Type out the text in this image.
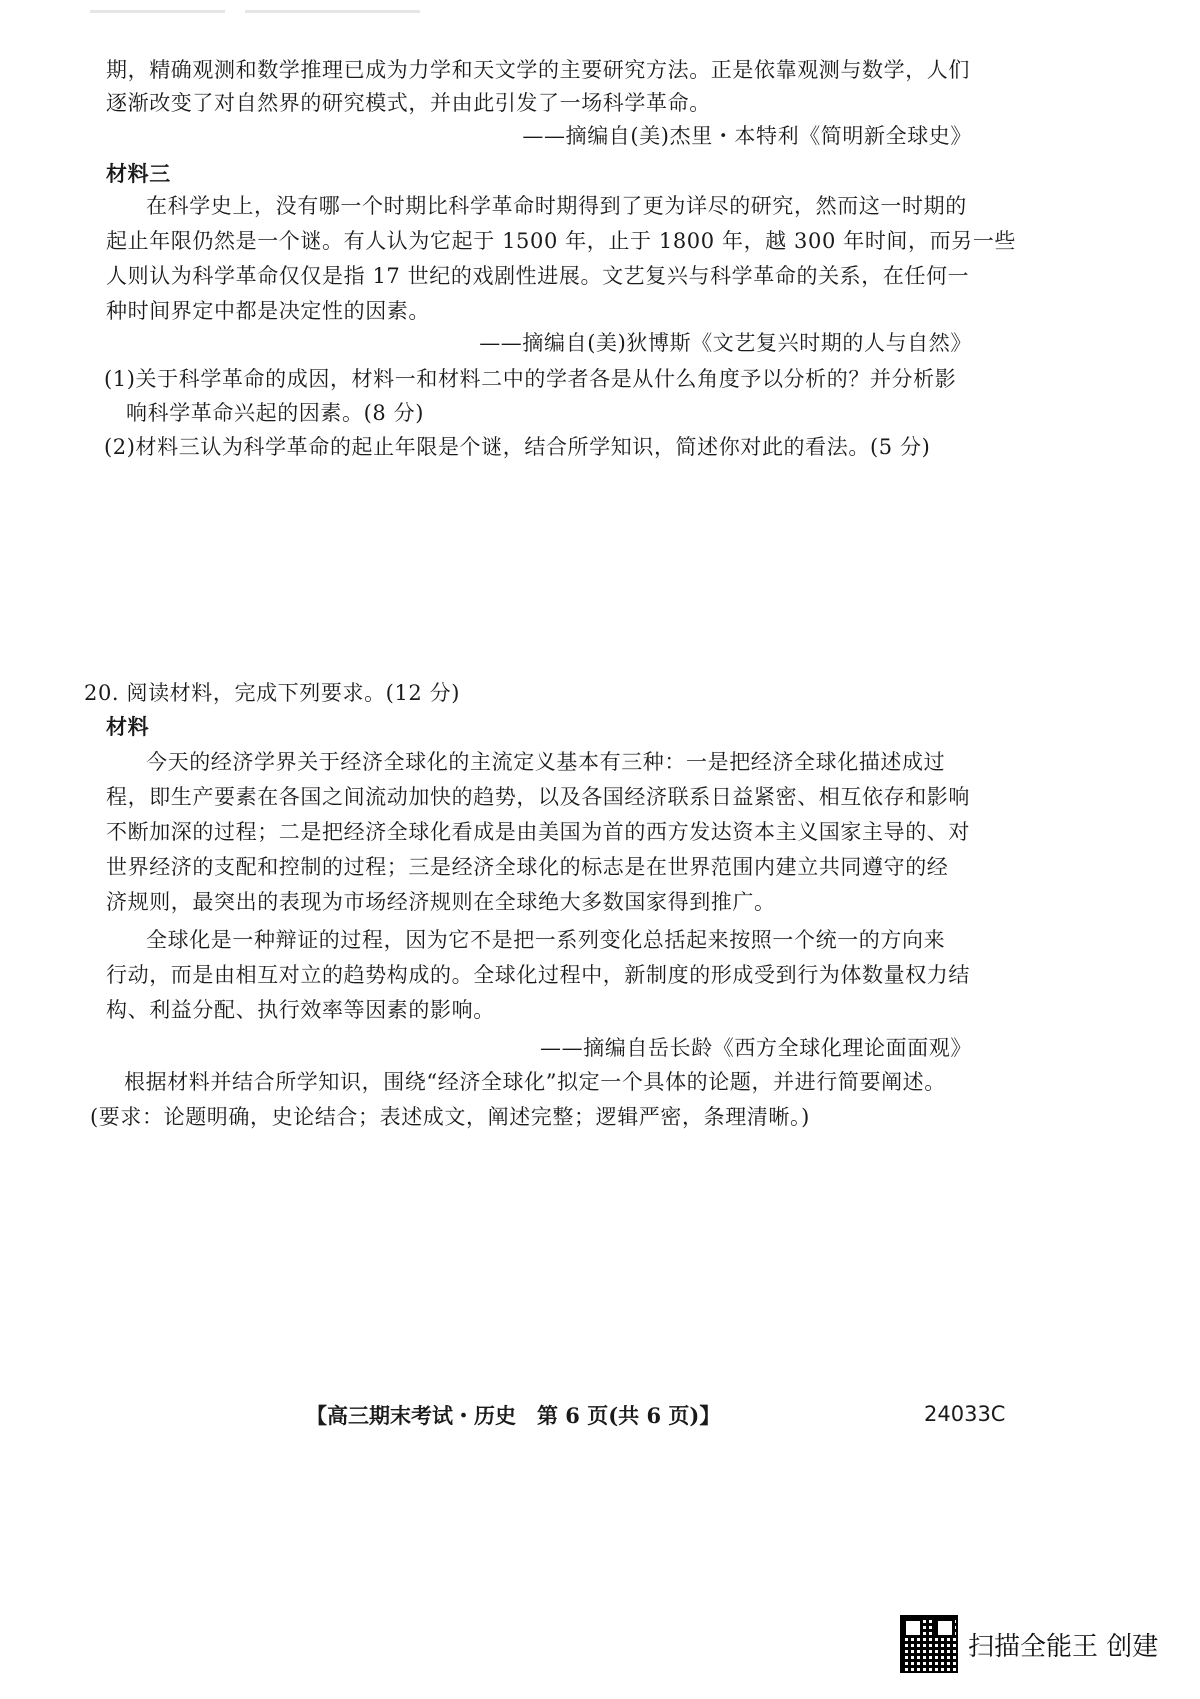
期，精确观测和数学推理已成为力学和天文学的主要研究方法。正是依靠观测与数学，人们
逐渐改变了对自然界的研究模式，并由此引发了一场科学革命。
——摘编自(美)杰里・本特利《简明新全球史》
材料三
在科学史上，没有哪一个时期比科学革命时期得到了更为详尽的研究，然而这一时期的
起止年限仍然是一个谜。有人认为它起于 1500 年，止于 1800 年，越 300 年时间，而另一些
人则认为科学革命仅仅是指 17 世纪的戏剧性进展。文艺复兴与科学革命的关系，在任何一
种时间界定中都是决定性的因素。
——摘编自(美)狄博斯《文艺复兴时期的人与自然》
(1)关于科学革命的成因，材料一和材料二中的学者各是从什么角度予以分析的？并分析影
响科学革命兴起的因素。(8 分)
(2)材料三认为科学革命的起止年限是个谜，结合所学知识，简述你对此的看法。(5 分)
20. 阅读材料，完成下列要求。(12 分)
材料
今天的经济学界关于经济全球化的主流定义基本有三种：一是把经济全球化描述成过
程，即生产要素在各国之间流动加快的趋势，以及各国经济联系日益紧密、相互依存和影响
不断加深的过程；二是把经济全球化看成是由美国为首的西方发达资本主义国家主导的、对
世界经济的支配和控制的过程；三是经济全球化的标志是在世界范围内建立共同遵守的经
济规则，最突出的表现为市场经济规则在全球绝大多数国家得到推广。
全球化是一种辩证的过程，因为它不是把一系列变化总括起来按照一个统一的方向来
行动，而是由相互对立的趋势构成的。全球化过程中，新制度的形成受到行为体数量权力结
构、利益分配、执行效率等因素的影响。
——摘编自岳长龄《西方全球化理论面面观》
根据材料并结合所学知识，围绕“经济全球化”拟定一个具体的论题，并进行简要阐述。
(要求：论题明确，史论结合；表述成文，阐述完整；逻辑严密，条理清晰。)
【高三期末考试・历史　第 6 页(共 6 页)】	24033C
扫描全能王 创建
